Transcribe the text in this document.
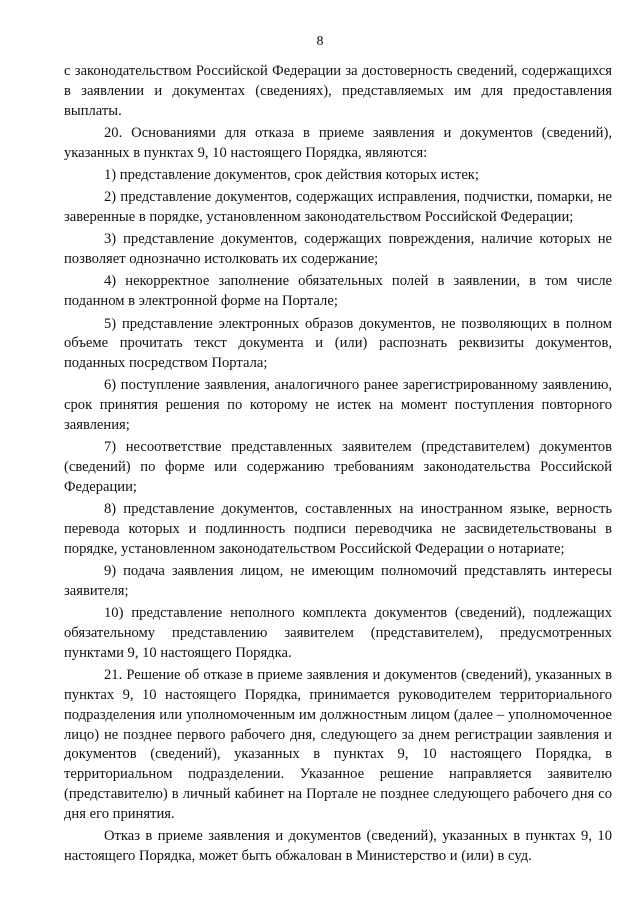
8

с законодательством Российской Федерации за достоверность сведений, содержащихся в заявлении и документах (сведениях), представляемых им для предоставления выплаты.

20. Основаниями для отказа в приеме заявления и документов (сведений), указанных в пунктах 9, 10 настоящего Порядка, являются:

1) представление документов, срок действия которых истек;

2) представление документов, содержащих исправления, подчистки, помарки, не заверенные в порядке, установленном законодательством Российской Федерации;

3) представление документов, содержащих повреждения, наличие которых не позволяет однозначно истолковать их содержание;

4) некорректное заполнение обязательных полей в заявлении, в том числе поданном в электронной форме на Портале;

5) представление электронных образов документов, не позволяющих в полном объеме прочитать текст документа и (или) распознать реквизиты документов, поданных посредством Портала;

6) поступление заявления, аналогичного ранее зарегистрированному заявлению, срок принятия решения по которому не истек на момент поступления повторного заявления;

7) несоответствие представленных заявителем (представителем) документов (сведений) по форме или содержанию требованиям законодательства Российской Федерации;

8) представление документов, составленных на иностранном языке, верность перевода которых и подлинность подписи переводчика не засвидетельствованы в порядке, установленном законодательством Российской Федерации о нотариате;

9) подача заявления лицом, не имеющим полномочий представлять интересы заявителя;

10) представление неполного комплекта документов (сведений), подлежащих обязательному представлению заявителем (представителем), предусмотренных пунктами 9, 10 настоящего Порядка.

21. Решение об отказе в приеме заявления и документов (сведений), указанных в пунктах 9, 10 настоящего Порядка, принимается руководителем территориального подразделения или уполномоченным им должностным лицом (далее – уполномоченное лицо) не позднее первого рабочего дня, следующего за днем регистрации заявления и документов (сведений), указанных в пунктах 9, 10 настоящего Порядка, в территориальном подразделении. Указанное решение направляется заявителю (представителю) в личный кабинет на Портале не позднее следующего рабочего дня со дня его принятия.

Отказ в приеме заявления и документов (сведений), указанных в пунктах 9, 10 настоящего Порядка, может быть обжалован в Министерство и (или) в суд.
